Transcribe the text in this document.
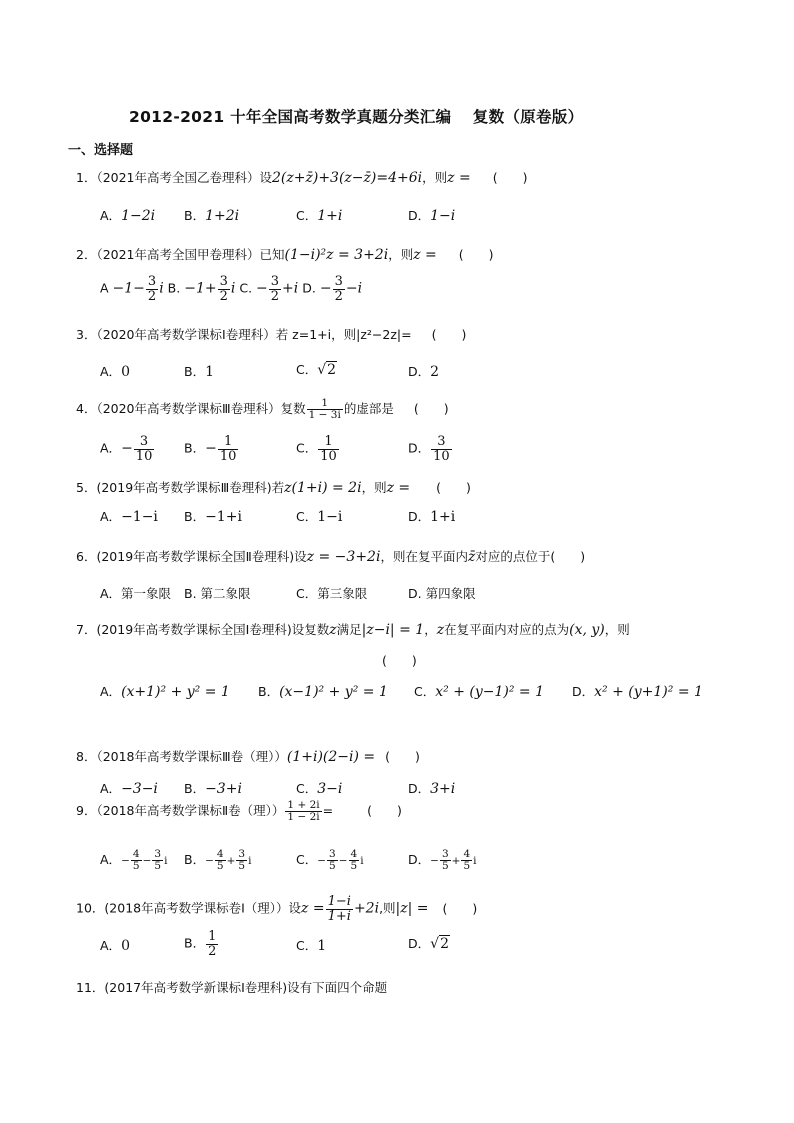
2012-2021 十年全国高考数学真题分类汇编　 复数（原卷版）
一、选择题
1．（2021年高考全国乙卷理科）设2(z+z̄)+3(z−z̄)=4+6i，则z = (　　)
A．1−2i B．1+2i	C．1+i	D．1−i
2．（2021年高考全国甲卷理科）已知(1−i)²z = 3+2i，则z = (　　)
$A -1- \frac{3}{2}$ i B. $-1+ \frac{3}{2}$ i C. − $\frac{3}{2} +i$ D. − $\frac{3}{2} -i$
3．（2020年高考数学课标Ⅰ卷理科）若 z=1+i，则|z²−2z|= (　　)
A．0	B．1	C．√2	D．2
4．（2020年高考数学课标Ⅲ卷理科）复数 $\frac{1}{1 - 3i}$ 的虚部是 (　　)
A．− $\frac{3}{10}$ B．− $\frac{1}{10}$	C． $\frac{1}{10}$	D． $\frac{3}{10}$
5．(2019年高考数学课标Ⅲ卷理科)若z(1+i) = 2i，则z = (　　)
A．−1−i B．−1+i	C．1−i	D．1+i
6．(2019年高考数学课标全国Ⅱ卷理科)设z = −3+2i，则在复平面内z̄对应的点位于(　　)
A．第一象限 B. 第二象限	C．第三象限	D. 第四象限
7．(2019年高考数学课标全国Ⅰ卷理科)设复数z满足|z−i| = 1，z在复平面内对应的点为(x, y)，则
(　　)
A．(x+1)² + y² = 1 B．(x−1)² + y² = 1 C．x² + (y−1)² = 1 D．x² + (y+1)² = 1
8．（2018年高考数学课标Ⅲ卷（理））(1+i)(2−i) = (　　)
A．−3−i B．−3+i	C．3−i	D．3+i
9．（2018年高考数学课标Ⅱ卷（理）） $\frac{1 + 2i}{1 - 2i}$ =	(　　)
A．− $\frac{4}{5} - \frac{3}{5}$ i B．− $\frac{4}{5} + \frac{3}{5}$ i	C．− $\frac{3}{5} - \frac{4}{5}$ i	D．− $\frac{3}{5} + \frac{4}{5}$ i
10．(2018年高考数学课标卷Ⅰ（理））设$z = \frac{1-i}{1+i} +2i$,则|z| = (　　)
A．0	B． $\frac{1}{2}$	C．1	D．√2
11．(2017年高考数学新课标Ⅰ卷理科)设有下面四个命题
